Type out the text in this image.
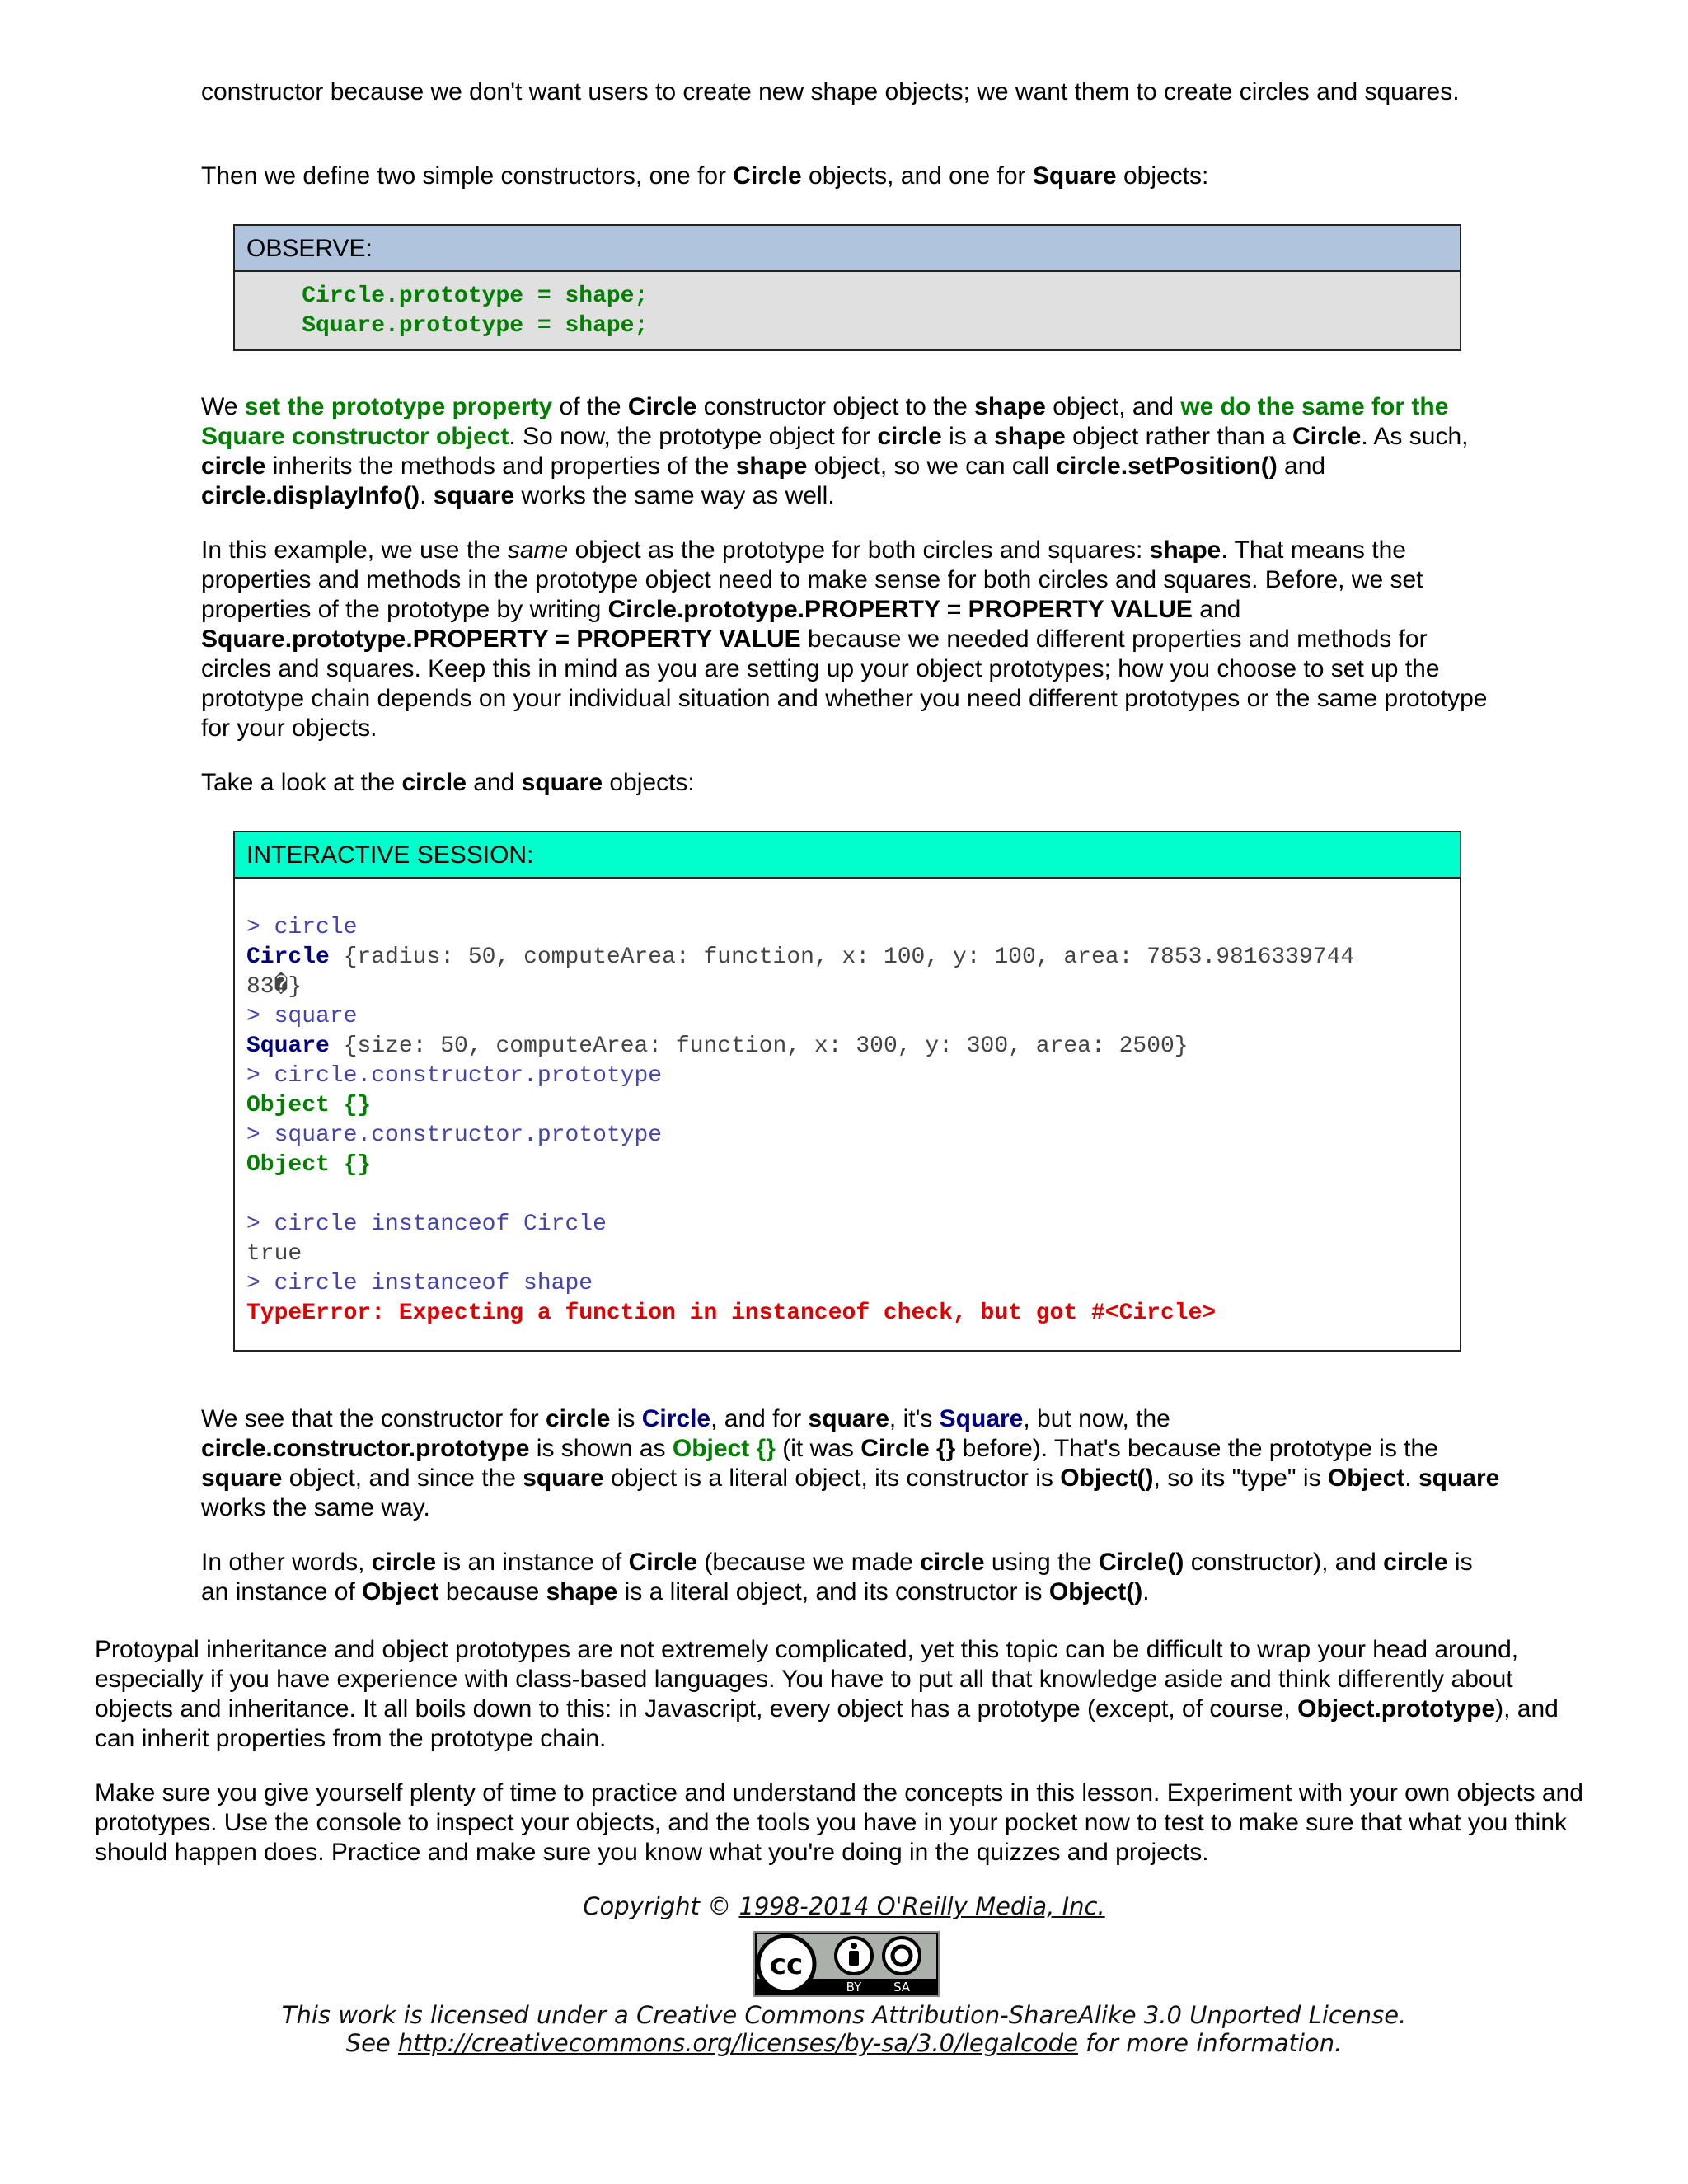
constructor because we don't want users to create new shape objects; we want them to create circles and squares.

Then we define two simple constructors, one for Circle objects, and one for Square objects:

OBSERVE:
Circle.prototype = shape;
Square.prototype = shape;

We set the prototype property of the Circle constructor object to the shape object, and we do the same for the Square constructor object. So now, the prototype object for circle is a shape object rather than a Circle. As such, circle inherits the methods and properties of the shape object, so we can call circle.setPosition() and circle.displayInfo(). square works the same way as well.

In this example, we use the same object as the prototype for both circles and squares: shape. That means the properties and methods in the prototype object need to make sense for both circles and squares. Before, we set properties of the prototype by writing Circle.prototype.PROPERTY = PROPERTY VALUE and Square.prototype.PROPERTY = PROPERTY VALUE because we needed different properties and methods for circles and squares. Keep this in mind as you are setting up your object prototypes; how you choose to set up the prototype chain depends on your individual situation and whether you need different prototypes or the same prototype for your objects.

Take a look at the circle and square objects:

INTERACTIVE SESSION:
> circle
Circle {radius: 50, computeArea: function, x: 100, y: 100, area: 7853.9816339744
83�}
> square
Square {size: 50, computeArea: function, x: 300, y: 300, area: 2500}
> circle.constructor.prototype
Object {}
> square.constructor.prototype
Object {}
> circle instanceof Circle
true
> circle instanceof shape
TypeError: Expecting a function in instanceof check, but got #<Circle>

We see that the constructor for circle is Circle, and for square, it's Square, but now, the circle.constructor.prototype is shown as Object {} (it was Circle {} before). That's because the prototype is the square object, and since the square object is a literal object, its constructor is Object(), so its "type" is Object. square works the same way.

In other words, circle is an instance of Circle (because we made circle using the Circle() constructor), and circle is an instance of Object because shape is a literal object, and its constructor is Object().

Protoypal inheritance and object prototypes are not extremely complicated, yet this topic can be difficult to wrap your head around, especially if you have experience with class-based languages. You have to put all that knowledge aside and think differently about objects and inheritance. It all boils down to this: in Javascript, every object has a prototype (except, of course, Object.prototype), and can inherit properties from the prototype chain.

Make sure you give yourself plenty of time to practice and understand the concepts in this lesson. Experiment with your own objects and prototypes. Use the console to inspect your objects, and the tools you have in your pocket now to test to make sure that what you think should happen does. Practice and make sure you know what you're doing in the quizzes and projects.

Copyright © 1998-2014 O'Reilly Media, Inc.
cc
BY	SA
This work is licensed under a Creative Commons Attribution-ShareAlike 3.0 Unported License.
See http://creativecommons.org/licenses/by-sa/3.0/legalcode for more information.
